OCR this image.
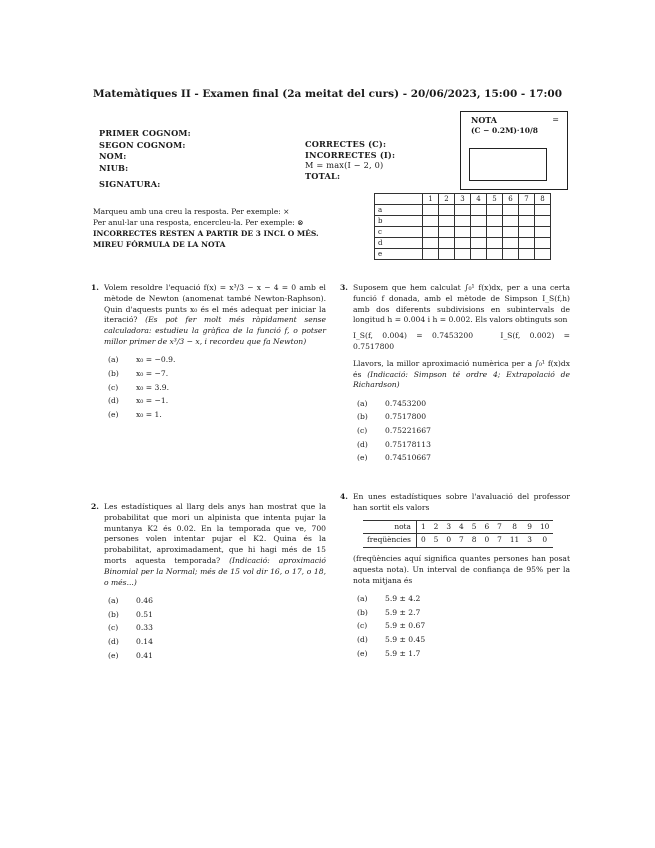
Matemàtiques II - Examen final (2a meitat del curs) - 20/06/2023, 15:00 - 17:00
PRIMER COGNOM:
SEGON COGNOM:
NOM:
NIUB:
SIGNATURA:
CORRECTES (C):
INCORRECTES (I):
M = max(I − 2, 0)
TOTAL:
NOTA	=
(C − 0.2M)·10/8
	1	2	3	4	5	6	7	8
a								
b								
c								
d								
e								
Marqueu amb una creu la resposta. Per exemple: ×
Per anul·lar una resposta, encercleu-la. Per exemple: ⊗
INCORRECTES RESTEN A PARTIR DE 3 INCL O MÉS.
MIREU FÓRMULA DE LA NOTA
1. Volem resoldre l'equació f(x) = x³/3 − x − 4 = 0 amb el mètode de Newton (anomenat també Newton-Raphson). Quin d'aquests punts x₀ és el més adequat per iniciar la iteració? (Es pot fer molt més ràpidament sense calculadora: estudieu la gràfica de la funció f, o potser millor primer de x³/3 − x, i recordeu que fa Newton)
(a)	x₀ = −0.9.
(b)	x₀ = −7.
(c)	x₀ = 3.9.
(d)	x₀ = −1.
(e)	x₀ = 1.
2. Les estadístiques al llarg dels anys han mostrat que la probabilitat que mori un alpinista que intenta pujar la muntanya K2 és 0.02. En la temporada que ve, 700 persones volen intentar pujar el K2. Quina és la probabilitat, aproximadament, que hi hagi més de 15 morts aquesta temporada? (Indicació: aproximació Binomial per la Normal; més de 15 vol dir 16, o 17, o 18, o més...)
(a)	0.46
(b)	0.51
(c)	0.33
(d)	0.14
(e)	0.41
3. Suposem que hem calculat ∫₀¹ f(x)dx, per a una certa funció f donada, amb el mètode de Simpson I_S(f,h) amb dos diferents subdivisions en subintervals de longitud h = 0.004 i h = 0.002. Els valors obtinguts son
I_S(f, 0.004) = 0.7453200	I_S(f, 0.002) = 0.7517800
Llavors, la millor aproximació numèrica per a ∫₀¹ f(x)dx és (Indicació: Simpson té ordre 4; Extrapolació de Richardson)
(a)	0.7453200
(b)	0.7517800
(c)	0.75221667
(d)	0.75178113
(e)	0.74510667
4. En unes estadístiques sobre l'avaluació del professor han sortit els valors
nota	1	2	3	4	5	6	7	8	9	10
freqüències	0	5	0	7	8	0	7	11	3	0
(freqüències aquí significa quantes persones han posat aquesta nota). Un interval de confiança de 95% per la nota mitjana és
(a)	5.9 ± 4.2
(b)	5.9 ± 2.7
(c)	5.9 ± 0.67
(d)	5.9 ± 0.45
(e)	5.9 ± 1.7
